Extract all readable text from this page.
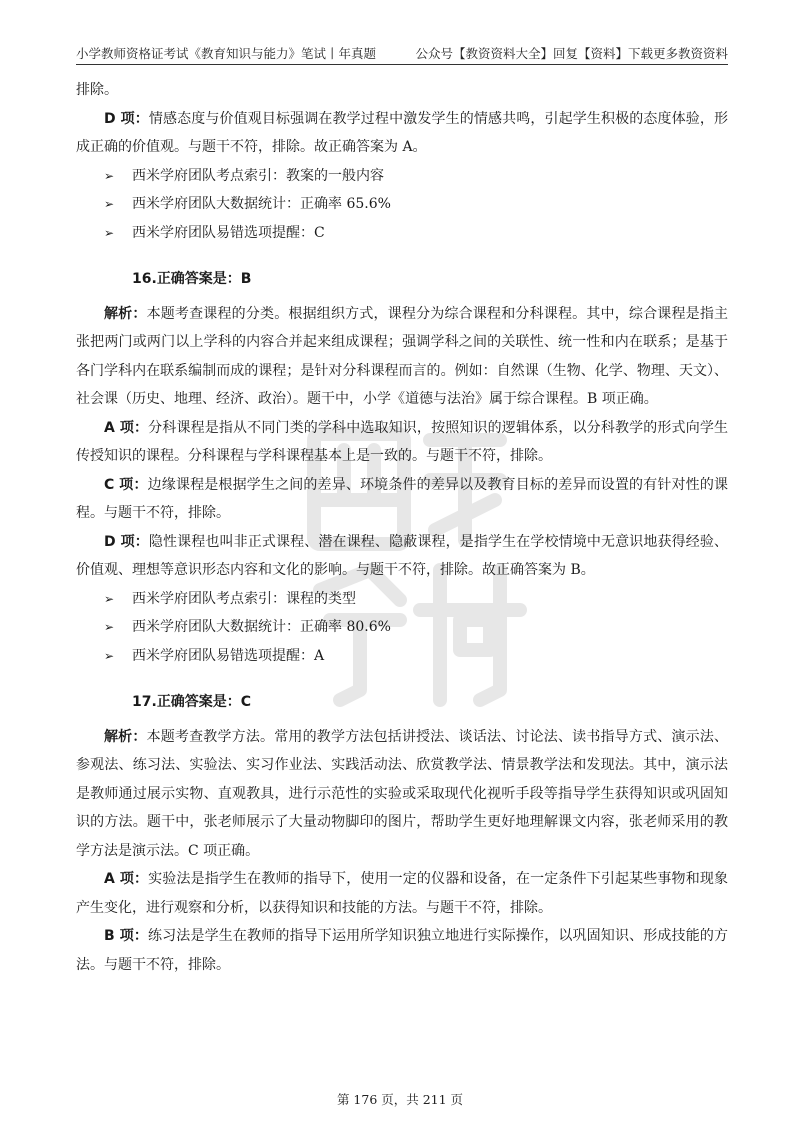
小学教师资格证考试《教育知识与能力》笔试丨年真题	公众号【教资资料大全】回复【资料】下载更多教资资料

排除。

D 项：情感态度与价值观目标强调在教学过程中激发学生的情感共鸣，引起学生积极的态度体验，形成正确的价值观。与题干不符，排除。故正确答案为 A。

➢ 西米学府团队考点索引：教案的一般内容

➢ 西米学府团队大数据统计：正确率 65.6%

➢ 西米学府团队易错选项提醒：C

16.正确答案是：B

解析：本题考查课程的分类。根据组织方式，课程分为综合课程和分科课程。其中，综合课程是指主张把两门或两门以上学科的内容合并起来组成课程；强调学科之间的关联性、统一性和内在联系；是基于各门学科内在联系编制而成的课程；是针对分科课程而言的。例如：自然课（生物、化学、物理、天文）、社会课（历史、地理、经济、政治）。题干中，小学《道德与法治》属于综合课程。B 项正确。

A 项：分科课程是指从不同门类的学科中选取知识，按照知识的逻辑体系，以分科教学的形式向学生传授知识的课程。分科课程与学科课程基本上是一致的。与题干不符，排除。

C 项：边缘课程是根据学生之间的差异、环境条件的差异以及教育目标的差异而设置的有针对性的课程。与题干不符，排除。

D 项：隐性课程也叫非正式课程、潜在课程、隐蔽课程，是指学生在学校情境中无意识地获得经验、价值观、理想等意识形态内容和文化的影响。与题干不符，排除。故正确答案为 B。

➢ 西米学府团队考点索引：课程的类型

➢ 西米学府团队大数据统计：正确率 80.6%

➢ 西米学府团队易错选项提醒：A

17.正确答案是：C

解析：本题考查教学方法。常用的教学方法包括讲授法、谈话法、讨论法、读书指导方式、演示法、参观法、练习法、实验法、实习作业法、实践活动法、欣赏教学法、情景教学法和发现法。其中，演示法是教师通过展示实物、直观教具，进行示范性的实验或采取现代化视听手段等指导学生获得知识或巩固知识的方法。题干中，张老师展示了大量动物脚印的图片，帮助学生更好地理解课文内容，张老师采用的教学方法是演示法。C 项正确。

A 项：实验法是指学生在教师的指导下，使用一定的仪器和设备，在一定条件下引起某些事物和现象产生变化，进行观察和分析，以获得知识和技能的方法。与题干不符，排除。

B 项：练习法是学生在教师的指导下运用所学知识独立地进行实际操作，以巩固知识、形成技能的方法。与题干不符，排除。

第 176 页，共 211 页
